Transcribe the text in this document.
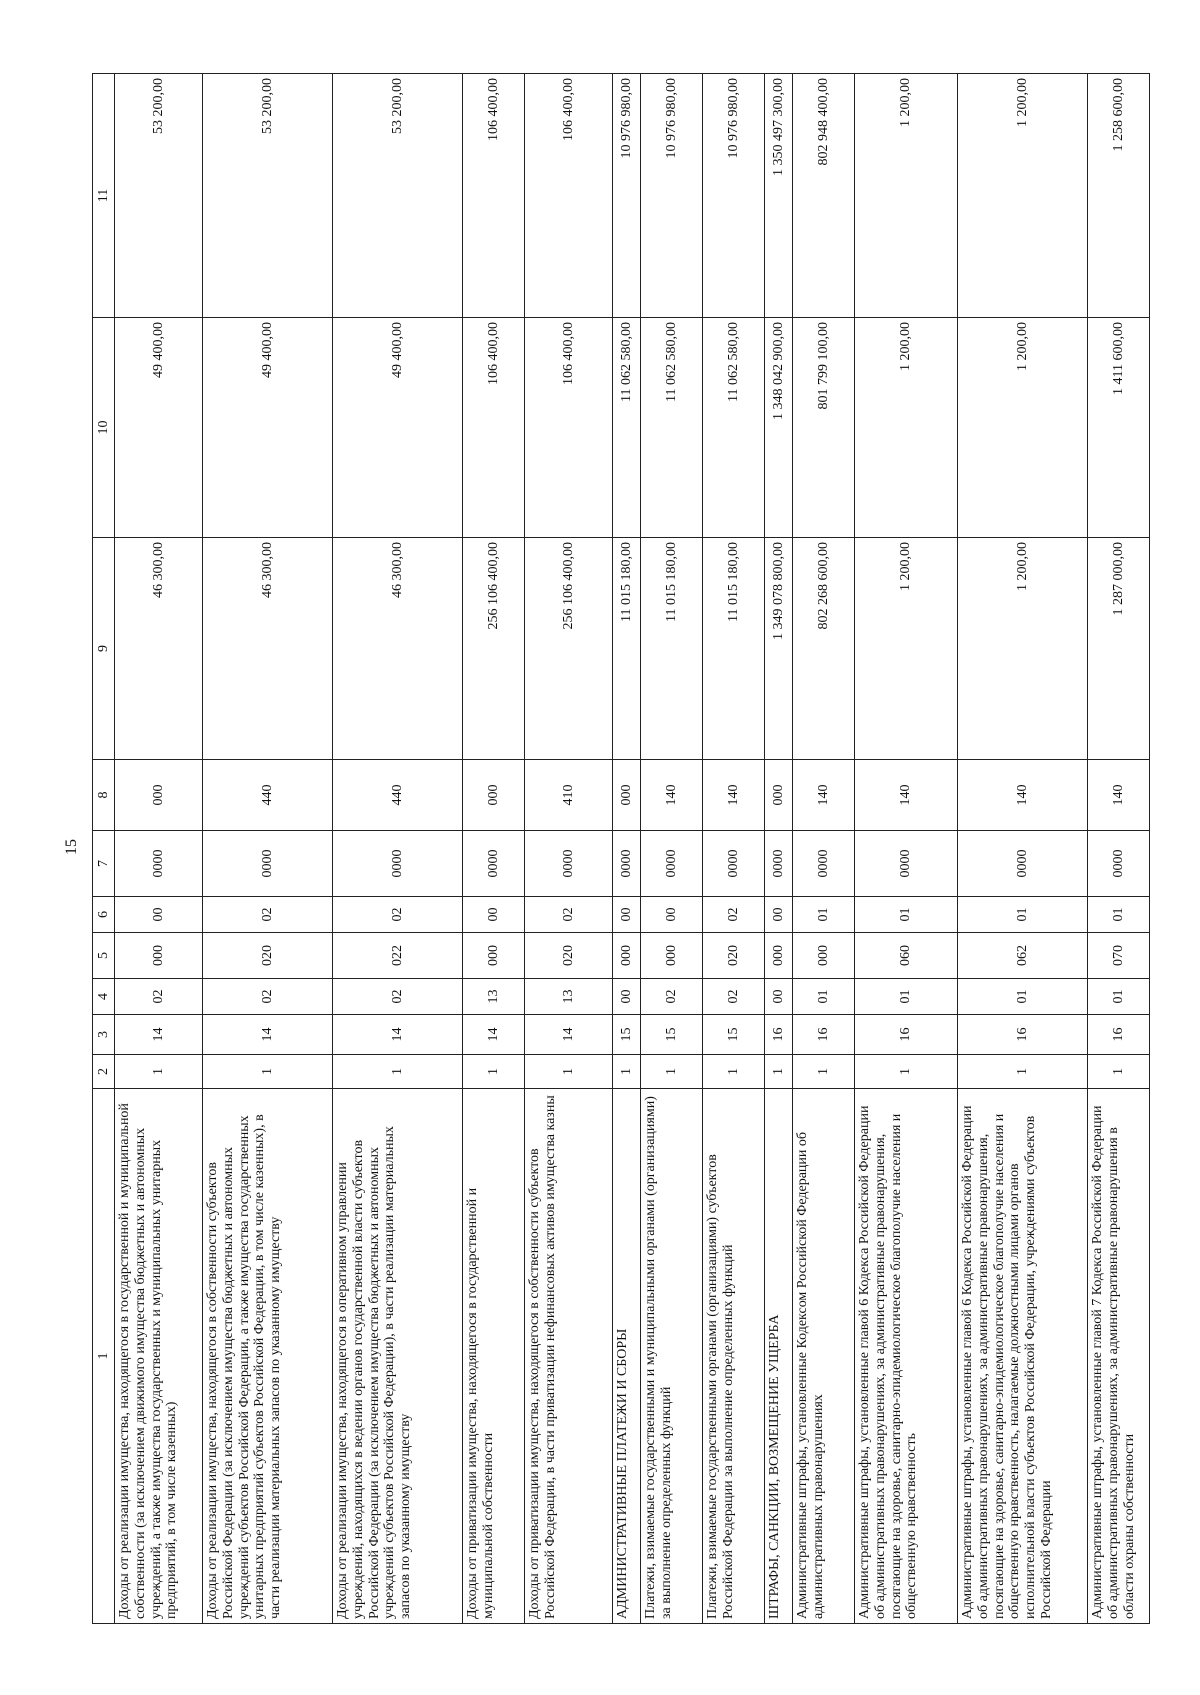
15
1	2	3	4	5	6	7	8	9	10	11
Доходы от реализации имущества, находящегося в государственной и муниципальной собственности (за исключением движимого имущества бюджетных и автономных учреждений, а также имущества государственных и муниципальных унитарных предприятий, в том числе казенных)	1	14	02	000	00	0000	000	46 300,00	49 400,00	53 200,00
Доходы от реализации имущества, находящегося в собственности субъектов Российской Федерации (за исключением имущества бюджетных и автономных учреждений субъектов Российской Федерации, а также имущества государственных унитарных предприятий субъектов Российской Федерации, в том числе казенных), в части реализации материальных запасов по указанному имуществу	1	14	02	020	02	0000	440	46 300,00	49 400,00	53 200,00
Доходы от реализации имущества, находящегося в оперативном управлении учреждений, находящихся в ведении органов государственной власти субъектов Российской Федерации (за исключением имущества бюджетных и автономных учреждений субъектов Российской Федерации), в части реализации материальных запасов по указанному имуществу	1	14	02	022	02	0000	440	46 300,00	49 400,00	53 200,00
Доходы от приватизации имущества, находящегося в государственной и муниципальной собственности	1	14	13	000	00	0000	000	256 106 400,00	106 400,00	106 400,00
Доходы от приватизации имущества, находящегося в собственности субъектов Российской Федерации, в части приватизации нефинансовых активов имущества казны	1	14	13	020	02	0000	410	256 106 400,00	106 400,00	106 400,00
АДМИНИСТРАТИВНЫЕ ПЛАТЕЖИ И СБОРЫ	1	15	00	000	00	0000	000	11 015 180,00	11 062 580,00	10 976 980,00
Платежи, взимаемые государственными и муниципальными органами (организациями) за выполнение определенных функций	1	15	02	000	00	0000	140	11 015 180,00	11 062 580,00	10 976 980,00
Платежи, взимаемые государственными органами (организациями) субъектов Российской Федерации за выполнение определенных функций	1	15	02	020	02	0000	140	11 015 180,00	11 062 580,00	10 976 980,00
ШТРАФЫ, САНКЦИИ, ВОЗМЕЩЕНИЕ УЩЕРБА	1	16	00	000	00	0000	000	1 349 078 800,00	1 348 042 900,00	1 350 497 300,00
Административные штрафы, установленные Кодексом Российской Федерации об административных правонарушениях	1	16	01	000	01	0000	140	802 268 600,00	801 799 100,00	802 948 400,00
Административные штрафы, установленные главой 6 Кодекса Российской Федерации об административных правонарушениях, за административные правонарушения, посягающие на здоровье, санитарно-эпидемиологическое благополучие населения и общественную нравственность	1	16	01	060	01	0000	140	1 200,00	1 200,00	1 200,00
Административные штрафы, установленные главой 6 Кодекса Российской Федерации об административных правонарушениях, за административные правонарушения, посягающие на здоровье, санитарно-эпидемиологическое благополучие населения и общественную нравственность, налагаемые должностными лицами органов исполнительной власти субъектов Российской Федерации, учреждениями субъектов Российской Федерации	1	16	01	062	01	0000	140	1 200,00	1 200,00	1 200,00
Административные штрафы, установленные главой 7 Кодекса Российской Федерации об административных правонарушениях, за административные правонарушения в области охраны собственности	1	16	01	070	01	0000	140	1 287 000,00	1 411 600,00	1 258 600,00
